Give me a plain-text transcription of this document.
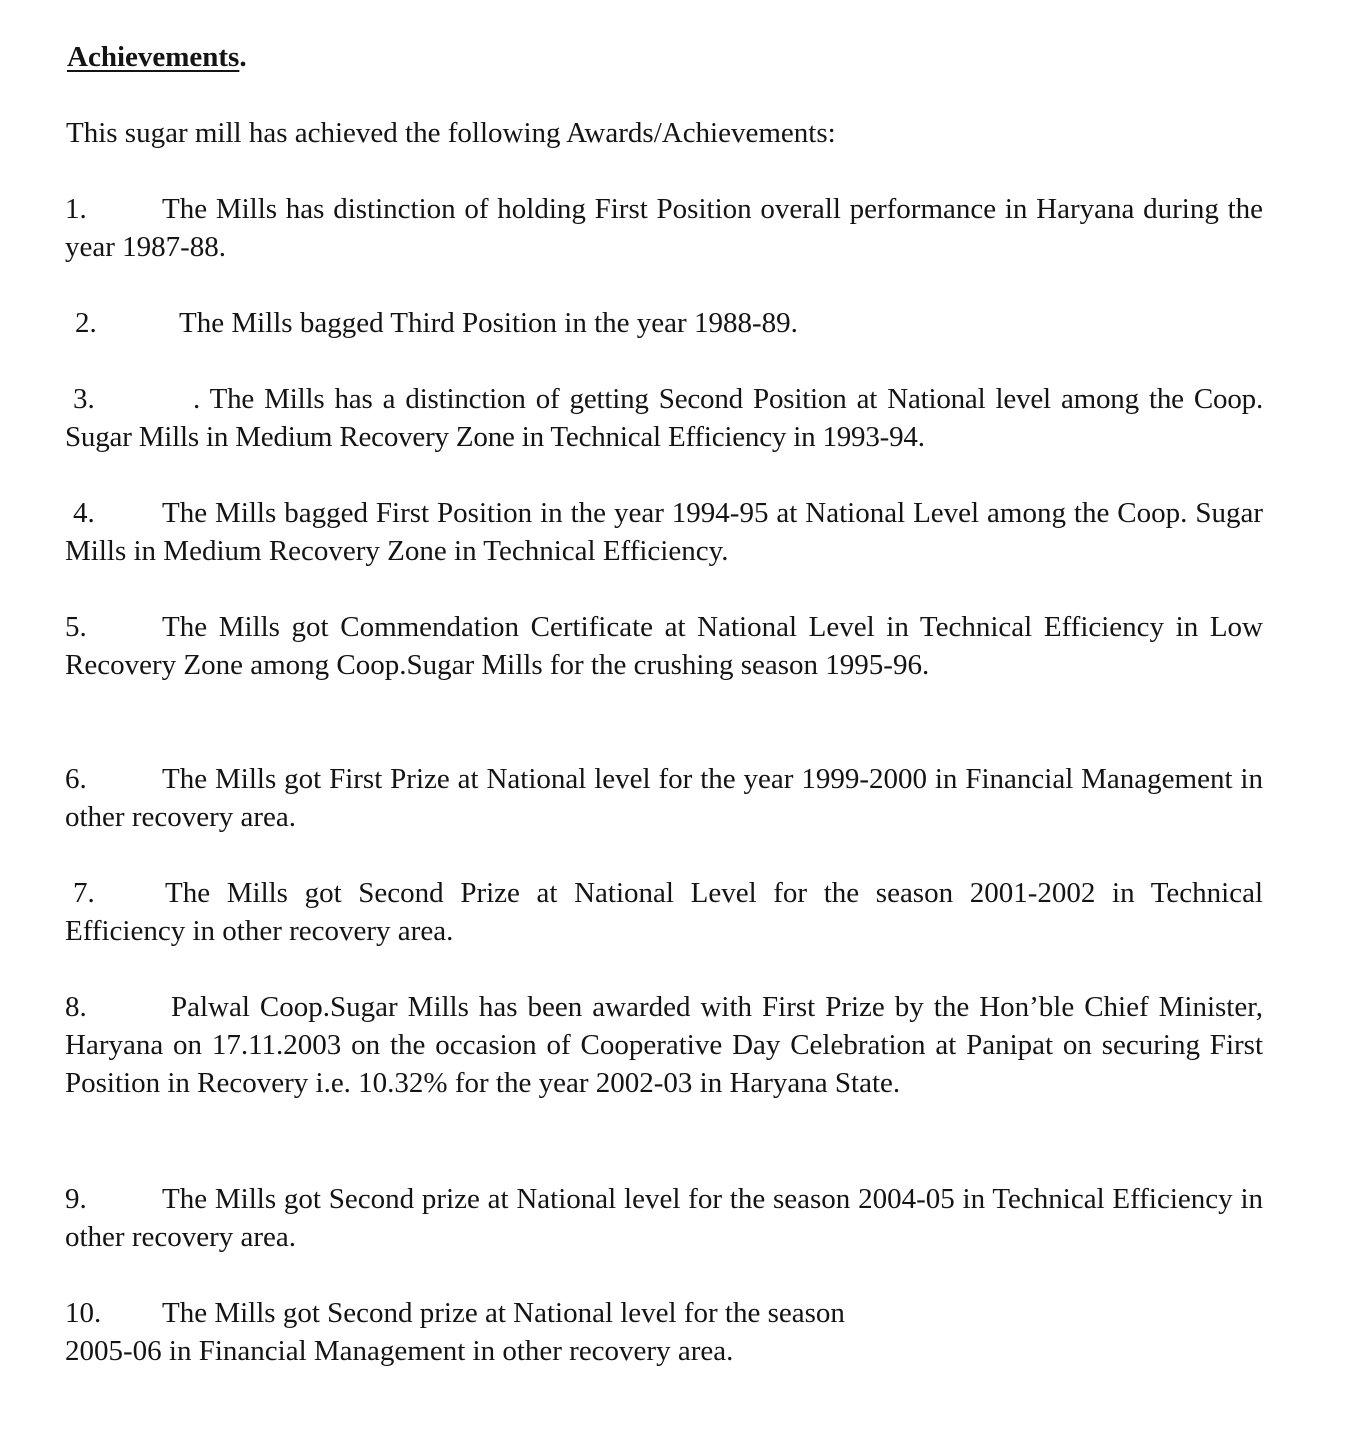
Achievements.
This sugar mill has achieved the following Awards/Achievements:
1.	The Mills has distinction of holding First Position overall performance in Haryana during the year 1987-88.
2.	The Mills bagged Third Position in the year 1988-89.
3.	. The Mills has a distinction of getting Second Position at National level among the Coop. Sugar Mills in Medium Recovery Zone in Technical Efficiency in 1993-94.
4. The Mills bagged First Position in the year 1994-95 at National Level among the Coop. Sugar Mills in Medium Recovery Zone in Technical Efficiency.
5.	The Mills got Commendation Certificate at National Level in Technical Efficiency in Low Recovery Zone among Coop.Sugar Mills for the crushing season 1995-96.
6.	The Mills got First Prize at National level for the year 1999-2000 in Financial Management in other recovery area.
7. The Mills got Second Prize at National Level for the season 2001-2002 in Technical Efficiency in other recovery area.
8.	Palwal Coop.Sugar Mills has been awarded with First Prize by the Hon’ble Chief Minister, Haryana on 17.11.2003 on the occasion of Cooperative Day Celebration at Panipat on securing First Position in Recovery i.e. 10.32% for the year 2002-03 in Haryana State.
9.	The Mills got Second prize at National level for the season 2004-05 in Technical Efficiency in other recovery area.
10. The Mills got Second prize at National level for the season
2005-06 in Financial Management in other recovery area.
